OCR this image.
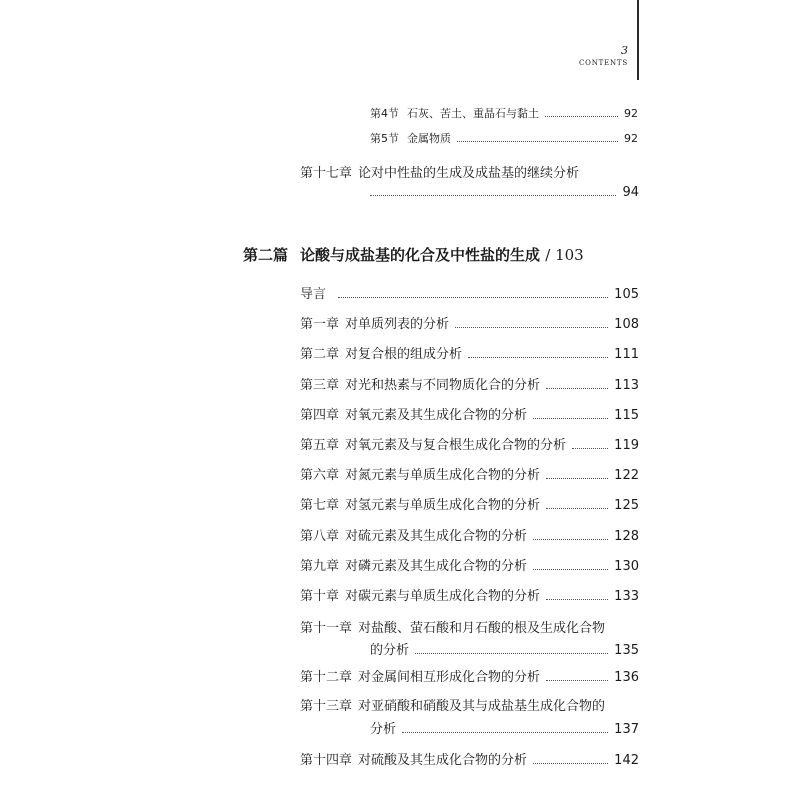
3
CONTENTS
第4节 石灰、苦土、重晶石与黏土	92
第5节 金属物质	92
第十七章 论对中性盐的生成及成盐基的继续分析
94
第二篇 论酸与成盐基的化合及中性盐的生成 / 103
导言	105
第一章 对单质列表的分析	108
第二章 对复合根的组成分析	111
第三章 对光和热素与不同物质化合的分析	113
第四章 对氧元素及其生成化合物的分析	115
第五章 对氧元素及与复合根生成化合物的分析	119
第六章 对氮元素与单质生成化合物的分析	122
第七章 对氢元素与单质生成化合物的分析	125
第八章 对硫元素及其生成化合物的分析	128
第九章 对磷元素及其生成化合物的分析	130
第十章 对碳元素与单质生成化合物的分析	133
第十一章 对盐酸、萤石酸和月石酸的根及生成化合物
的分析	135
第十二章 对金属间相互形成化合物的分析	136
第十三章 对亚硝酸和硝酸及其与成盐基生成化合物的
分析	137
第十四章 对硫酸及其生成化合物的分析	142
